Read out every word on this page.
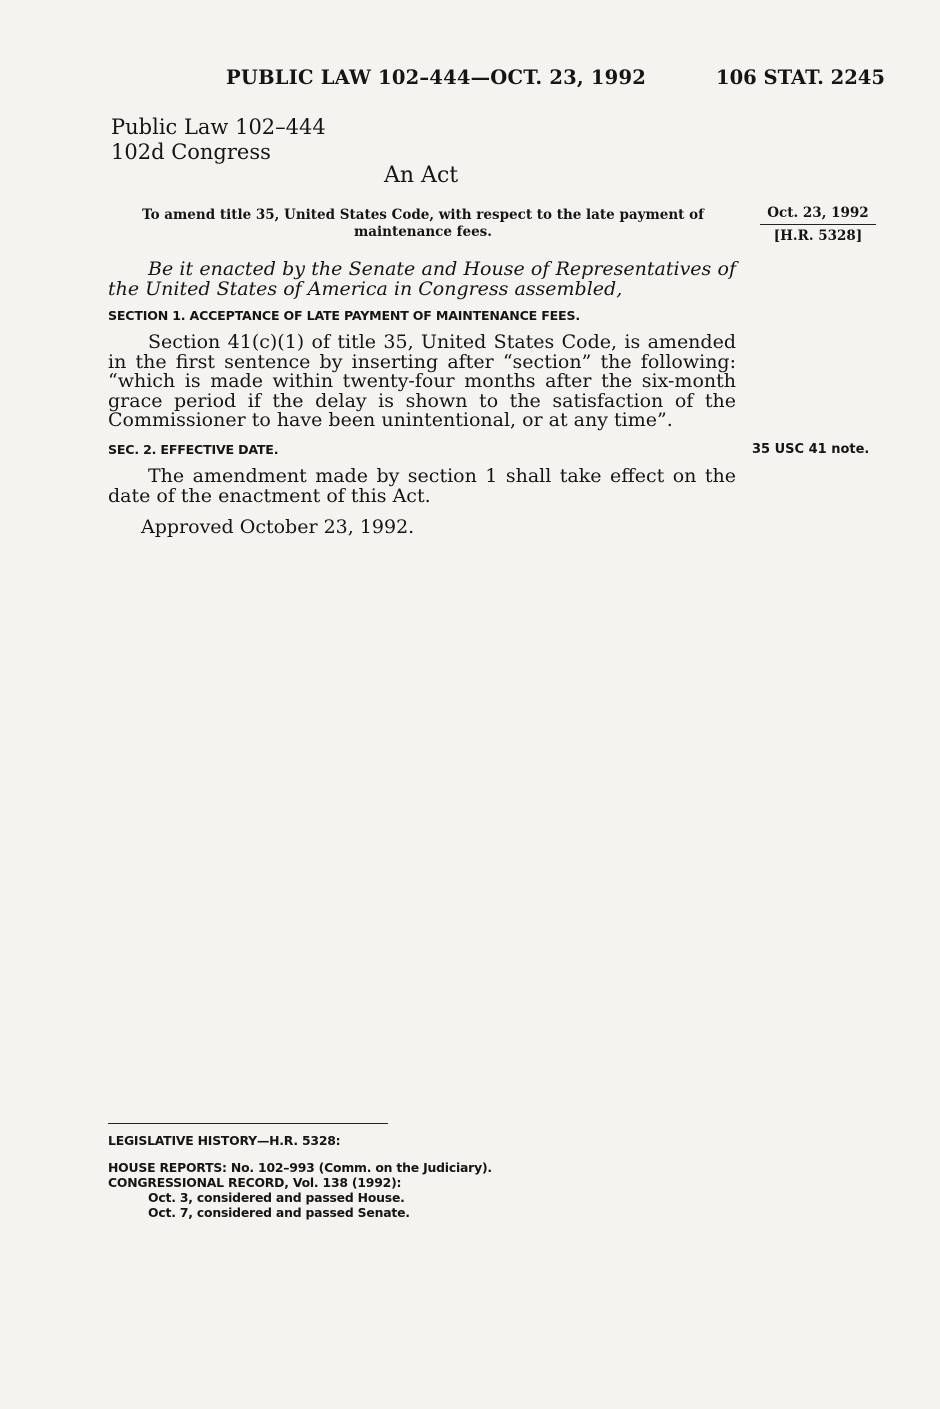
PUBLIC LAW 102–444—OCT. 23, 1992	106 STAT. 2245
Public Law 102–444
102d Congress
An Act
To amend title 35, United States Code, with respect to the late payment of maintenance fees.
Oct. 23, 1992
[H.R. 5328]
Be it enacted by the Senate and House of Representatives of the United States of America in Congress assembled,
SECTION 1. ACCEPTANCE OF LATE PAYMENT OF MAINTENANCE FEES.
Section 41(c)(1) of title 35, United States Code, is amended in the first sentence by inserting after “section” the following: “which is made within twenty-four months after the six-month grace period if the delay is shown to the satisfaction of the Commissioner to have been unintentional, or at any time”.
SEC. 2. EFFECTIVE DATE.	35 USC 41 note.
The amendment made by section 1 shall take effect on the date of the enactment of this Act.
Approved October 23, 1992.
LEGISLATIVE HISTORY—H.R. 5328:
HOUSE REPORTS: No. 102–993 (Comm. on the Judiciary).
CONGRESSIONAL RECORD, Vol. 138 (1992):
Oct. 3, considered and passed House.
Oct. 7, considered and passed Senate.
